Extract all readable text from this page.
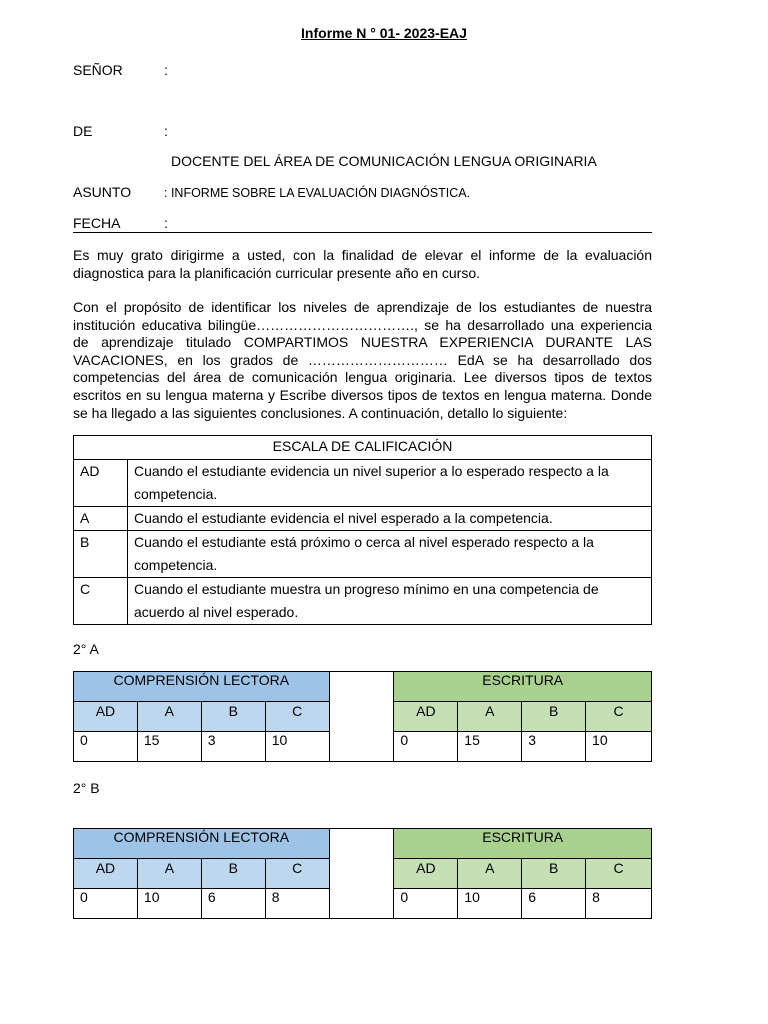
Informe N ° 01- 2023-EAJ
SEÑOR	:
DE	:
DOCENTE DEL ÁREA DE COMUNICACIÓN LENGUA ORIGINARIA
ASUNTO	: INFORME SOBRE LA EVALUACIÓN DIAGNÓSTICA.
FECHA	:
Es muy grato dirigirme a usted, con la finalidad de elevar el informe de la evaluación diagnostica para la planificación curricular presente año en curso.
Con el propósito de identificar los niveles de aprendizaje de los estudiantes de nuestra institución educativa bilingüe……………………………., se ha desarrollado una experiencia de aprendizaje titulado COMPARTIMOS NUESTRA EXPERIENCIA DURANTE LAS VACACIONES, en los grados de ………………………… EdA se ha desarrollado dos competencias del área de comunicación lengua originaria. Lee diversos tipos de textos escritos en su lengua materna y Escribe diversos tipos de textos en lengua materna. Donde se ha llegado a las siguientes conclusiones. A continuación, detallo lo siguiente:
ESCALA DE CALIFICACIÓN	
AD	Cuando el estudiante evidencia un nivel superior a lo esperado respecto a la competencia.
A	Cuando el estudiante evidencia el nivel esperado a la competencia.
B	Cuando el estudiante está próximo o cerca al nivel esperado respecto a la competencia.
C	Cuando el estudiante muestra un progreso mínimo en una competencia de acuerdo al nivel esperado.
2° A
COMPRENSIÓN LECTORA					ESCRITURA			
AD	A	B	C		AD	A	B	C
0	15	3	10		0	15	3	10
2° B
COMPRENSIÓN LECTORA					ESCRITURA			
AD	A	B	C		AD	A	B	C
0	10	6	8		0	10	6	8
